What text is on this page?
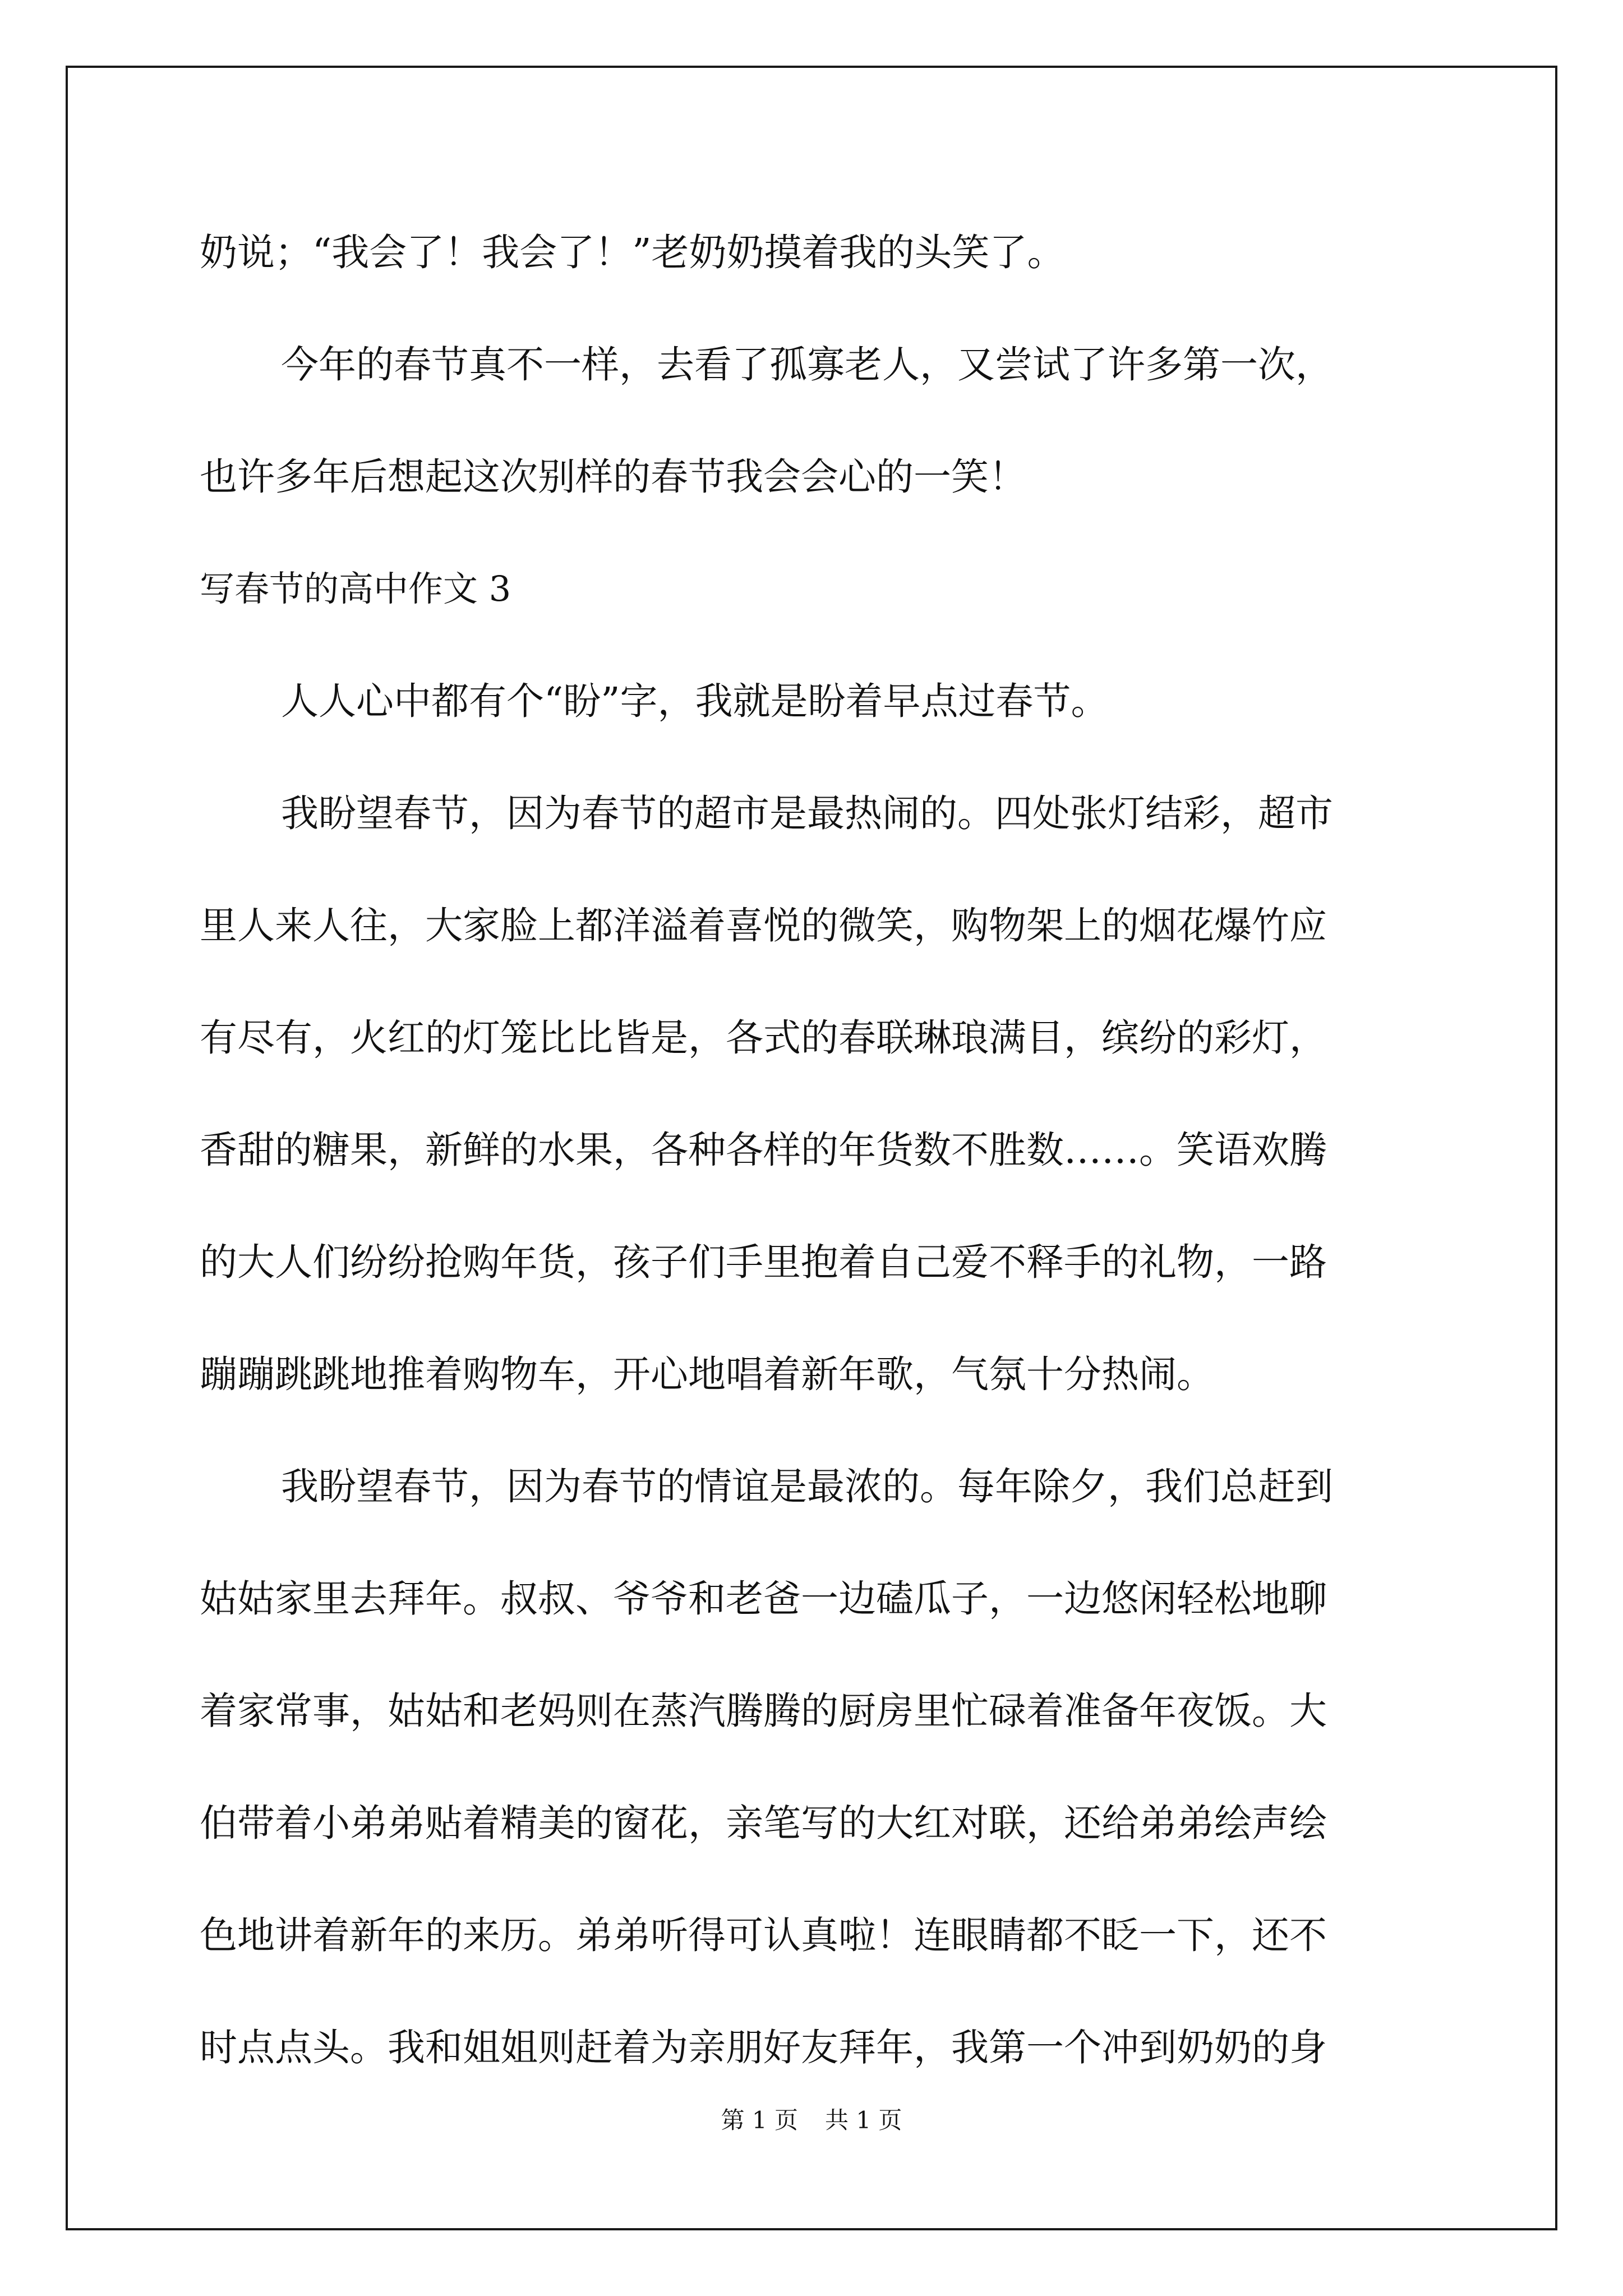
奶说；“我会了！我会了！”老奶奶摸着我的头笑了。
今年的春节真不一样，去看了孤寡老人，又尝试了许多第一次，
也许多年后想起这次别样的春节我会会心的一笑！
写春节的高中作文 3
人人心中都有个“盼”字，我就是盼着早点过春节。
我盼望春节，因为春节的超市是最热闹的。四处张灯结彩，超市
里人来人往，大家脸上都洋溢着喜悦的微笑，购物架上的烟花爆竹应
有尽有，火红的灯笼比比皆是，各式的春联琳琅满目，缤纷的彩灯，
香甜的糖果，新鲜的水果，各种各样的年货数不胜数……。笑语欢腾
的大人们纷纷抢购年货，孩子们手里抱着自己爱不释手的礼物，一路
蹦蹦跳跳地推着购物车，开心地唱着新年歌，气氛十分热闹。
我盼望春节，因为春节的情谊是最浓的。每年除夕，我们总赶到
姑姑家里去拜年。叔叔、爷爷和老爸一边磕瓜子，一边悠闲轻松地聊
着家常事，姑姑和老妈则在蒸汽腾腾的厨房里忙碌着准备年夜饭。大
伯带着小弟弟贴着精美的窗花，亲笔写的大红对联，还给弟弟绘声绘
色地讲着新年的来历。弟弟听得可认真啦！连眼睛都不眨一下，还不
时点点头。我和姐姐则赶着为亲朋好友拜年，我第一个冲到奶奶的身
第 1 页 共 1 页
